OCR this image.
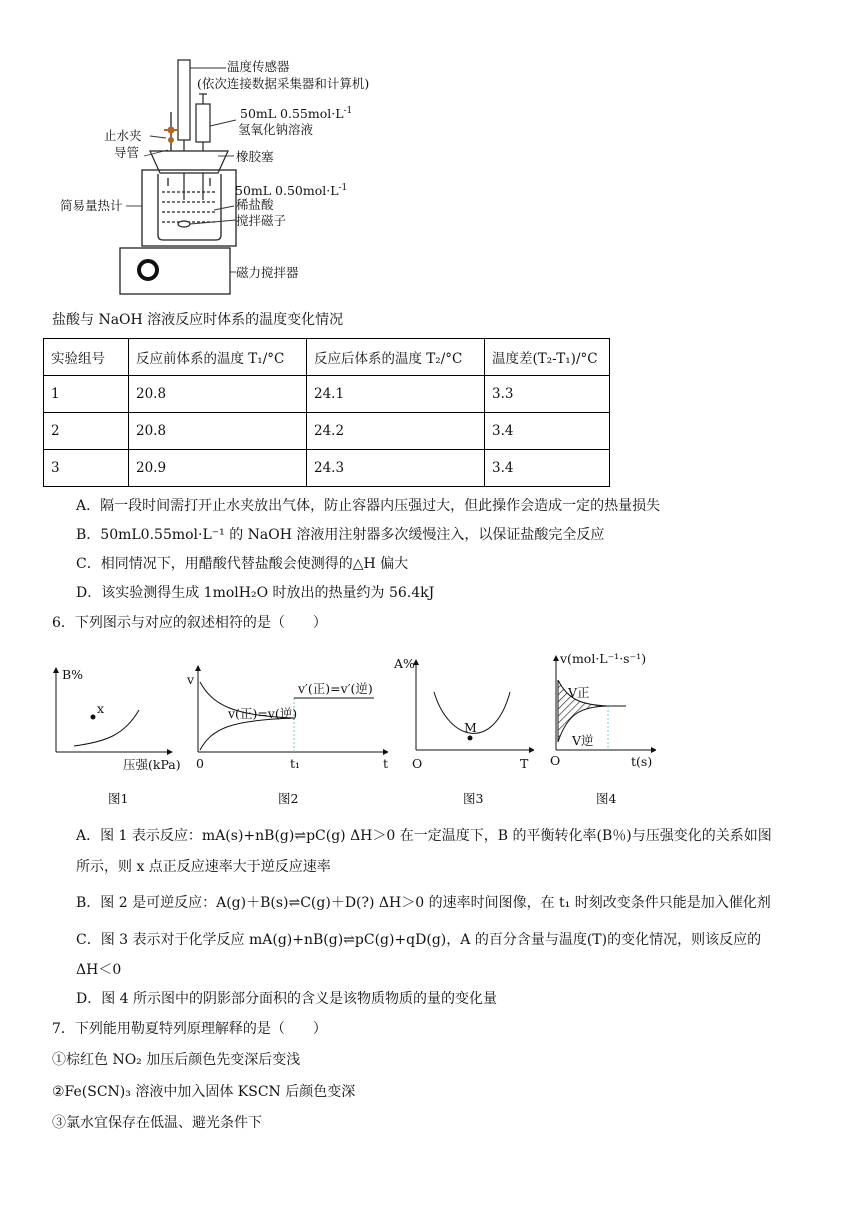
温度传感器
(依次连接数据采集器和计算机)
50mL $0.55mol\cdot L^{-1}$
氢氧化钠溶液
止水夹
导管	橡胶塞
50mL $0.50mol\cdot L^{-1}$
简易量热计	稀盐酸
搅拌磁子
磁力搅拌器
盐酸与 NaOH 溶液反应时体系的温度变化情况
实验组号	反应前体系的温度 T₁/°C	反应后体系的温度 T₂/°C	温度差(T₂-T₁)/°C
1	20.8	24.1	3.3
2	20.8	24.2	3.4
3	20.9	24.3	3.4
A．隔一段时间需打开止水夹放出气体，防止容器内压强过大，但此操作会造成一定的热量损失
B．50mL0.55mol·L⁻¹ 的 NaOH 溶液用注射器多次缓慢注入，以保证盐酸完全反应
C．相同情况下，用醋酸代替盐酸会使测得的△H 偏大
D．该实验测得生成 1molH₂O 时放出的热量约为 56.4kJ
6．下列图示与对应的叙述相符的是（　　）
B%
x
压强(kPa)
图1
v
v′(正)=v′(逆)
v(正)=v(逆)
0	t₁	t
图2
A%
M
O	T
图3
v(mol·L⁻¹·s⁻¹)
V正
V逆
O	t(s)
图4
A．图 1 表示反应：mA(s)+nB(g)⇌pC(g) ΔH＞0 在一定温度下，B 的平衡转化率(B％)与压强变化的关系如图
所示，则 x 点正反应速率大于逆反应速率
B．图 2 是可逆反应：A(g)＋B(s)⇌C(g)＋D(?) ΔH＞0 的速率时间图像，在 t₁ 时刻改变条件只能是加入催化剂
C．图 3 表示对于化学反应 mA(g)+nB(g)⇌pC(g)+qD(g)，A 的百分含量与温度(T)的变化情况，则该反应的
ΔH＜0
D．图 4 所示图中的阴影部分面积的含义是该物质物质的量的变化量
7．下列能用勒夏特列原理解释的是（　　）
①棕红色 NO₂ 加压后颜色先变深后变浅
②Fe(SCN)₃ 溶液中加入固体 KSCN 后颜色变深
③氯水宜保存在低温、避光条件下
